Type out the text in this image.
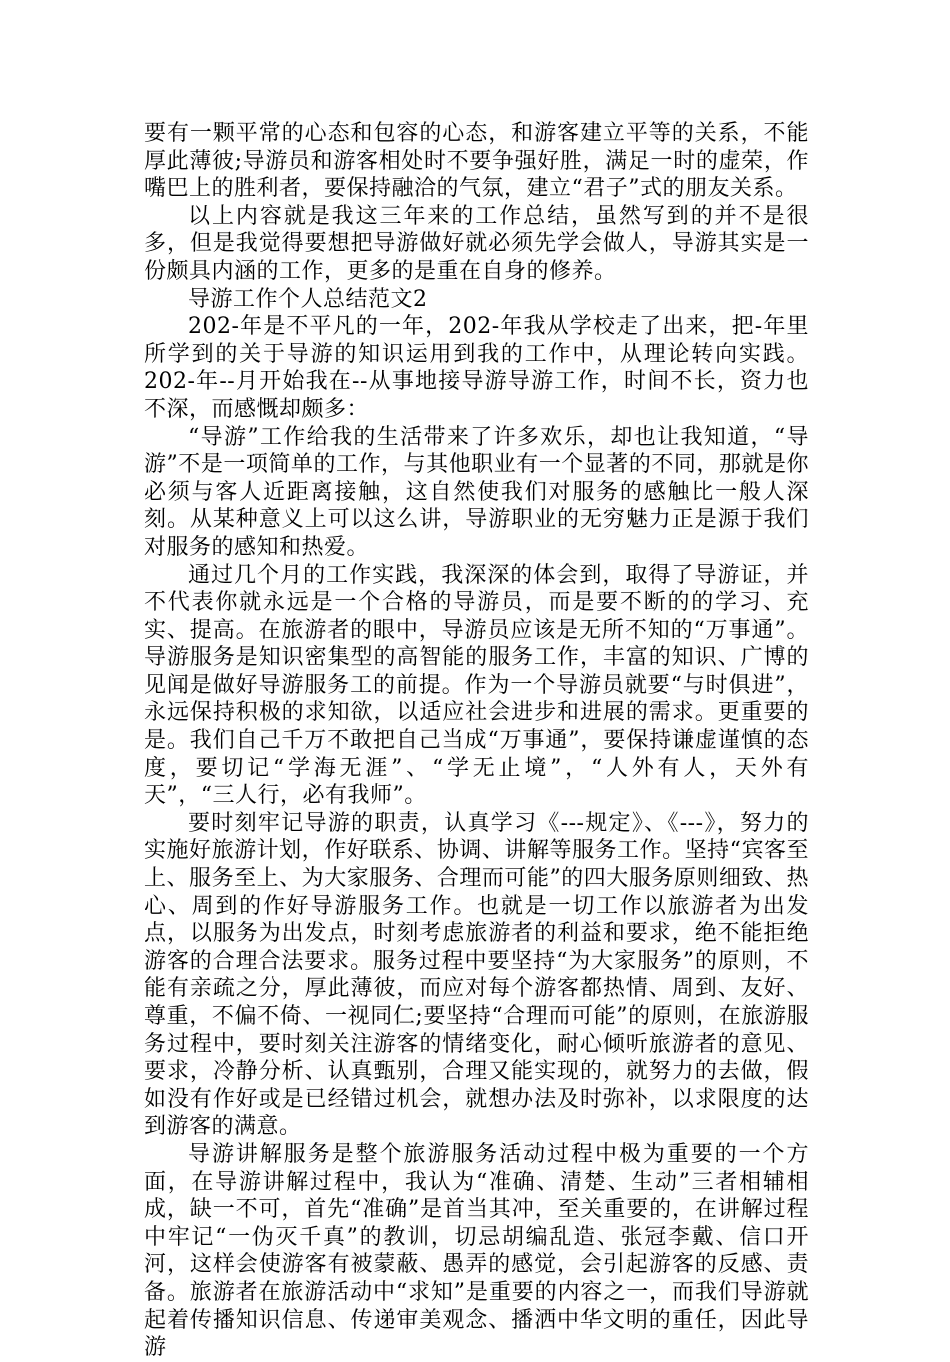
要有一颗平常的心态和包容的心态，和游客建立平等的关系，不能厚此薄彼;导游员和游客相处时不要争强好胜，满足一时的虚荣，作嘴巴上的胜利者，要保持融洽的气氛，建立“君子”式的朋友关系。

以上内容就是我这三年来的工作总结，虽然写到的并不是很多，但是我觉得要想把导游做好就必须先学会做人，导游其实是一份颇具内涵的工作，更多的是重在自身的修养。

导游工作个人总结范文2

202-年是不平凡的一年，202-年我从学校走了出来，把-年里所学到的关于导游的知识运用到我的工作中，从理论转向实践。202-年--月开始我在--从事地接导游导游工作，时间不长，资力也不深，而感慨却颇多：

“导游”工作给我的生活带来了许多欢乐，却也让我知道，“导游”不是一项简单的工作，与其他职业有一个显著的不同，那就是你必须与客人近距离接触，这自然使我们对服务的感触比一般人深刻。从某种意义上可以这么讲，导游职业的无穷魅力正是源于我们对服务的感知和热爱。

通过几个月的工作实践，我深深的体会到，取得了导游证，并不代表你就永远是一个合格的导游员，而是要不断的的学习、充实、提高。在旅游者的眼中，导游员应该是无所不知的“万事通”。导游服务是知识密集型的高智能的服务工作，丰富的知识、广博的见闻是做好导游服务工的前提。作为一个导游员就要“与时俱进”，永远保持积极的求知欲，以适应社会进步和进展的需求。更重要的是。我们自己千万不敢把自己当成“万事通”，要保持谦虚谨慎的态度，要切记“学海无涯”、“学无止境”，“人外有人，天外有天”，“三人行，必有我师”。

要时刻牢记导游的职责，认真学习《---规定》、《---》，努力的实施好旅游计划，作好联系、协调、讲解等服务工作。坚持“宾客至上、服务至上、为大家服务、合理而可能”的四大服务原则细致、热心、周到的作好导游服务工作。也就是一切工作以旅游者为出发点，以服务为出发点，时刻考虑旅游者的利益和要求，绝不能拒绝游客的合理合法要求。服务过程中要坚持“为大家服务”的原则，不能有亲疏之分，厚此薄彼，而应对每个游客都热情、周到、友好、尊重，不偏不倚、一视同仁;要坚持“合理而可能”的原则，在旅游服务过程中，要时刻关注游客的情绪变化，耐心倾听旅游者的意见、要求，冷静分析、认真甄别，合理又能实现的，就努力的去做，假如没有作好或是已经错过机会，就想办法及时弥补，以求限度的达到游客的满意。

导游讲解服务是整个旅游服务活动过程中极为重要的一个方面，在导游讲解过程中，我认为“准确、清楚、生动”三者相辅相成，缺一不可，首先“准确”是首当其冲，至关重要的，在讲解过程中牢记“一伪灭千真”的教训，切忌胡编乱造、张冠李戴、信口开河，这样会使游客有被蒙蔽、愚弄的感觉，会引起游客的反感、责备。旅游者在旅游活动中“求知”是重要的内容之一，而我们导游就起着传播知识信息、传递审美观念、播洒中华文明的重任，因此导游
